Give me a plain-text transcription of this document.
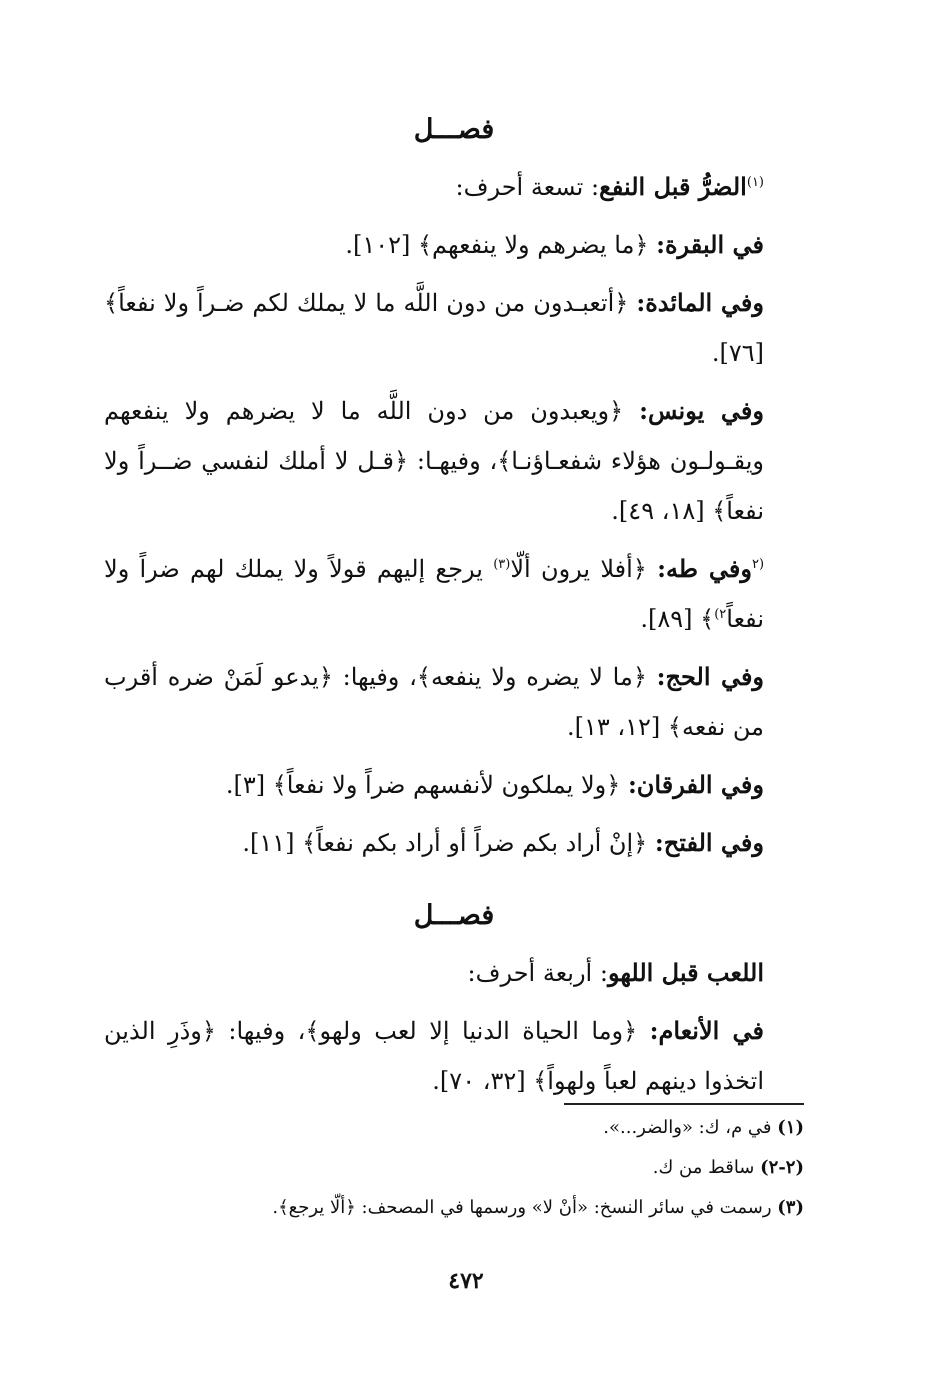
فصـــل
$^{(١)}$الضرُّ قبل النفع: تسعة أحرف:
في البقرة: ﴿ما يضرهم ولا ينفعهم﴾ [١٠٢].
وفي المائدة: ﴿أتعبـدون من دون اللَّه ما لا يملك لكم ضـراً ولا نفعاً﴾ [٧٦].
وفي يونس: ﴿ويعبدون من دون اللَّه ما لا يضرهم ولا ينفعهم ويقـولـون هؤلاء شفعـاؤنـا﴾، وفيهـا: ﴿قـل لا أملك لنفسي ضــراً ولا نفعاً﴾ [١٨، ٤٩].
$^{(٢}$وفي طه: ﴿أفلا يرون ألّا$^{(٣)}$ يرجع إليهم قولاً ولا يملك لهم ضراً ولا نفعاً$^{٢)}$﴾ [٨٩].
وفي الحج: ﴿ما لا يضره ولا ينفعه﴾، وفيها: ﴿يدعو لَمَنْ ضره أقرب من نفعه﴾ [١٢، ١٣].
وفي الفرقان: ﴿ولا يملكون لأنفسهم ضراً ولا نفعاً﴾ [٣].
وفي الفتح: ﴿إنْ أراد بكم ضراً أو أراد بكم نفعاً﴾ [١١].
فصـــل
اللعب قبل اللهو: أربعة أحرف:
في الأنعام: ﴿وما الحياة الدنيا إلا لعب ولهو﴾، وفيها: ﴿وذَرِ الذين اتخذوا دينهم لعباً ولهواً﴾ [٣٢، ٧٠].
(١) في م، ك: «والضر...».
(٢-٢) ساقط من ك.
(٣) رسمت في سائر النسخ: «أنْ لا» ورسمها في المصحف: ﴿ألّا يرجع﴾.
٤٧٢
